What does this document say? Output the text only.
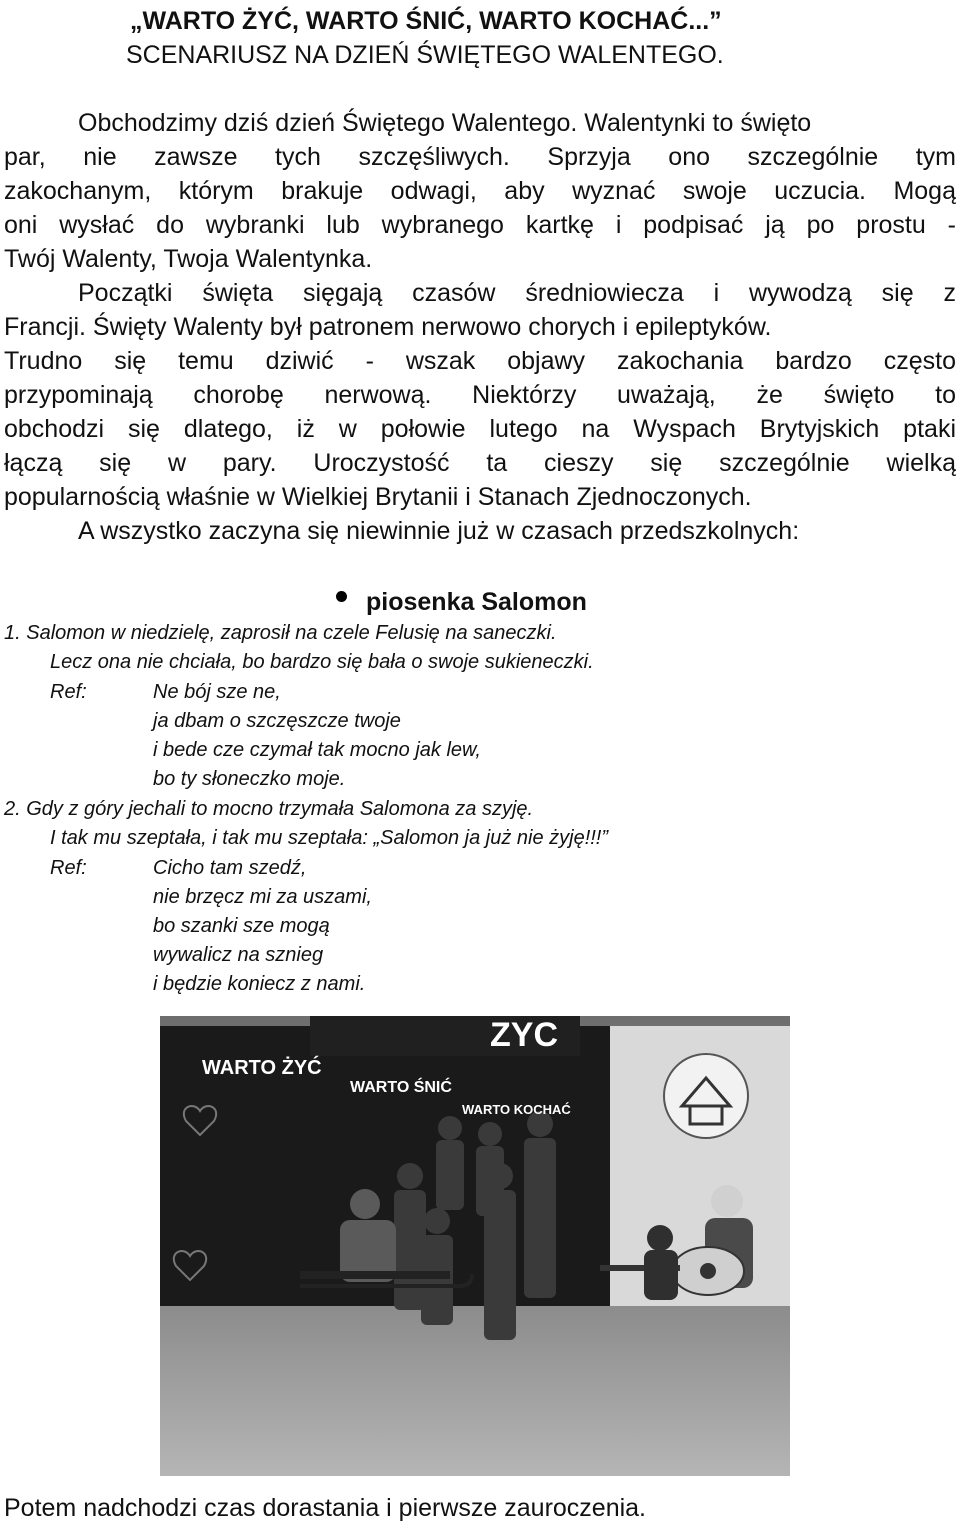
„WARTO ŻYĆ, WARTO ŚNIĆ, WARTO KOCHAĆ...”
SCENARIUSZ NA DZIEŃ ŚWIĘTEGO WALENTEGO.
Obchodzimy dziś dzień Świętego Walentego. Walentynki to święto
par, nie zawsze tych szczęśliwych. Sprzyja ono szczególnie tym
zakochanym, którym brakuje odwagi, aby wyznać swoje uczucia. Mogą
oni wysłać do wybranki lub wybranego kartkę i podpisać ją po prostu -
Twój Walenty, Twoja Walentynka.
Początki święta sięgają czasów średniowiecza i wywodzą się z
Francji. Święty Walenty był patronem nerwowo chorych i epileptyków.
Trudno się temu dziwić - wszak objawy zakochania bardzo często
przypominają chorobę nerwową. Niektórzy uważają, że święto to
obchodzi się dlatego, iż w połowie lutego na Wyspach Brytyjskich ptaki
łączą się w pary. Uroczystość ta cieszy się szczególnie wielką
popularnością właśnie w Wielkiej Brytanii i Stanach Zjednoczonych.
A wszystko zaczyna się niewinnie już w czasach przedszkolnych:
piosenka Salomon
1. Salomon w niedzielę, zaprosił na czele Felusię na saneczki.
Lecz ona nie chciała, bo bardzo się bała o swoje sukieneczki.
Ref:	Ne bój sze ne,
ja dbam o szczęszcze twoje
i bede cze czymał tak mocno jak lew,
bo ty słoneczko moje.
2. Gdy z góry jechali to mocno trzymała Salomona za szyję.
I tak mu szeptała, i tak mu szeptała: „Salomon ja już nie żyję!!!”
Ref:	Cicho tam szedź,
nie brzęcz mi za uszami,
bo szanki sze mogą
wywalicz na sznieg
i będzie koniecz z nami.
ZYC
WARTO ŻYĆ
WARTO ŚNIĆ
WARTO KOCHAĆ
Potem nadchodzi czas dorastania i pierwsze zauroczenia.
